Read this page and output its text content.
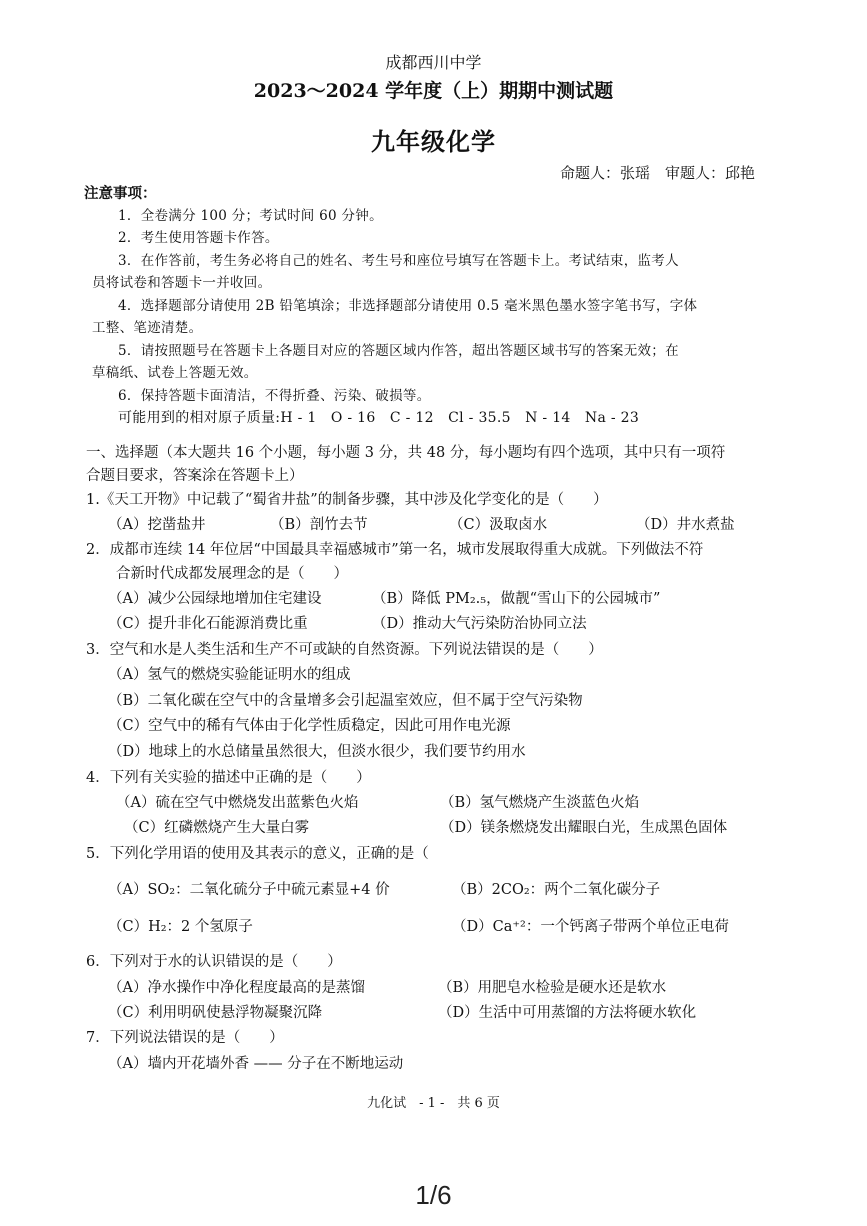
成都西川中学
2023～2024 学年度（上）期期中测试题
九年级化学
命题人：张瑶　审题人：邱艳
注意事项：
1．全卷满分 100 分；考试时间 60 分钟。
2．考生使用答题卡作答。
3．在作答前，考生务必将自己的姓名、考生号和座位号填写在答题卡上。考试结束，监考人
员将试卷和答题卡一并收回。
4．选择题部分请使用 2B 铅笔填涂；非选择题部分请使用 0.5 毫米黑色墨水签字笔书写，字体
工整、笔迹清楚。
5．请按照题号在答题卡上各题目对应的答题区域内作答，超出答题区域书写的答案无效；在
草稿纸、试卷上答题无效。
6．保持答题卡面清洁，不得折叠、污染、破损等。
可能用到的相对原子质量:H - 1　O - 16　C - 12　Cl - 35.5　N - 14　Na - 23
一、选择题（本大题共 16 个小题，每小题 3 分，共 48 分，每小题均有四个选项，其中只有一项符
合题目要求，答案涂在答题卡上）
1.《天工开物》中记载了“蜀省井盐”的制备步骤，其中涉及化学变化的是（　　）
（A）挖凿盐井	（B）剖竹去节	（C）汲取卤水	（D）井水煮盐
2．成都市连续 14 年位居“中国最具幸福感城市”第一名，城市发展取得重大成就。下列做法不符
合新时代成都发展理念的是（　　）
（A）减少公园绿地增加住宅建设	（B）降低 PM₂.₅，做靓“雪山下的公园城市”
（C）提升非化石能源消费比重	（D）推动大气污染防治协同立法
3．空气和水是人类生活和生产不可或缺的自然资源。下列说法错误的是（　　）
（A）氢气的燃烧实验能证明水的组成
（B）二氧化碳在空气中的含量增多会引起温室效应，但不属于空气污染物
（C）空气中的稀有气体由于化学性质稳定，因此可用作电光源
（D）地球上的水总储量虽然很大，但淡水很少，我们要节约用水
4．下列有关实验的描述中正确的是（　　）
（A）硫在空气中燃烧发出蓝紫色火焰	（B）氢气燃烧产生淡蓝色火焰
（C）红磷燃烧产生大量白雾	（D）镁条燃烧发出耀眼白光，生成黑色固体
5．下列化学用语的使用及其表示的意义，正确的是（
（A）SO₂：二氧化硫分子中硫元素显+4 价	（B）2CO₂：两个二氧化碳分子
（C）H₂：2 个氢原子	（D）Ca⁺²：一个钙离子带两个单位正电荷
6．下列对于水的认识错误的是（　　）
（A）净水操作中净化程度最高的是蒸馏	（B）用肥皂水检验是硬水还是软水
（C）利用明矾使悬浮物凝聚沉降	（D）生活中可用蒸馏的方法将硬水软化
7．下列说法错误的是（　　）
（A）墙内开花墙外香 —— 分子在不断地运动
九化试　- 1 -　共 6 页
1/6
